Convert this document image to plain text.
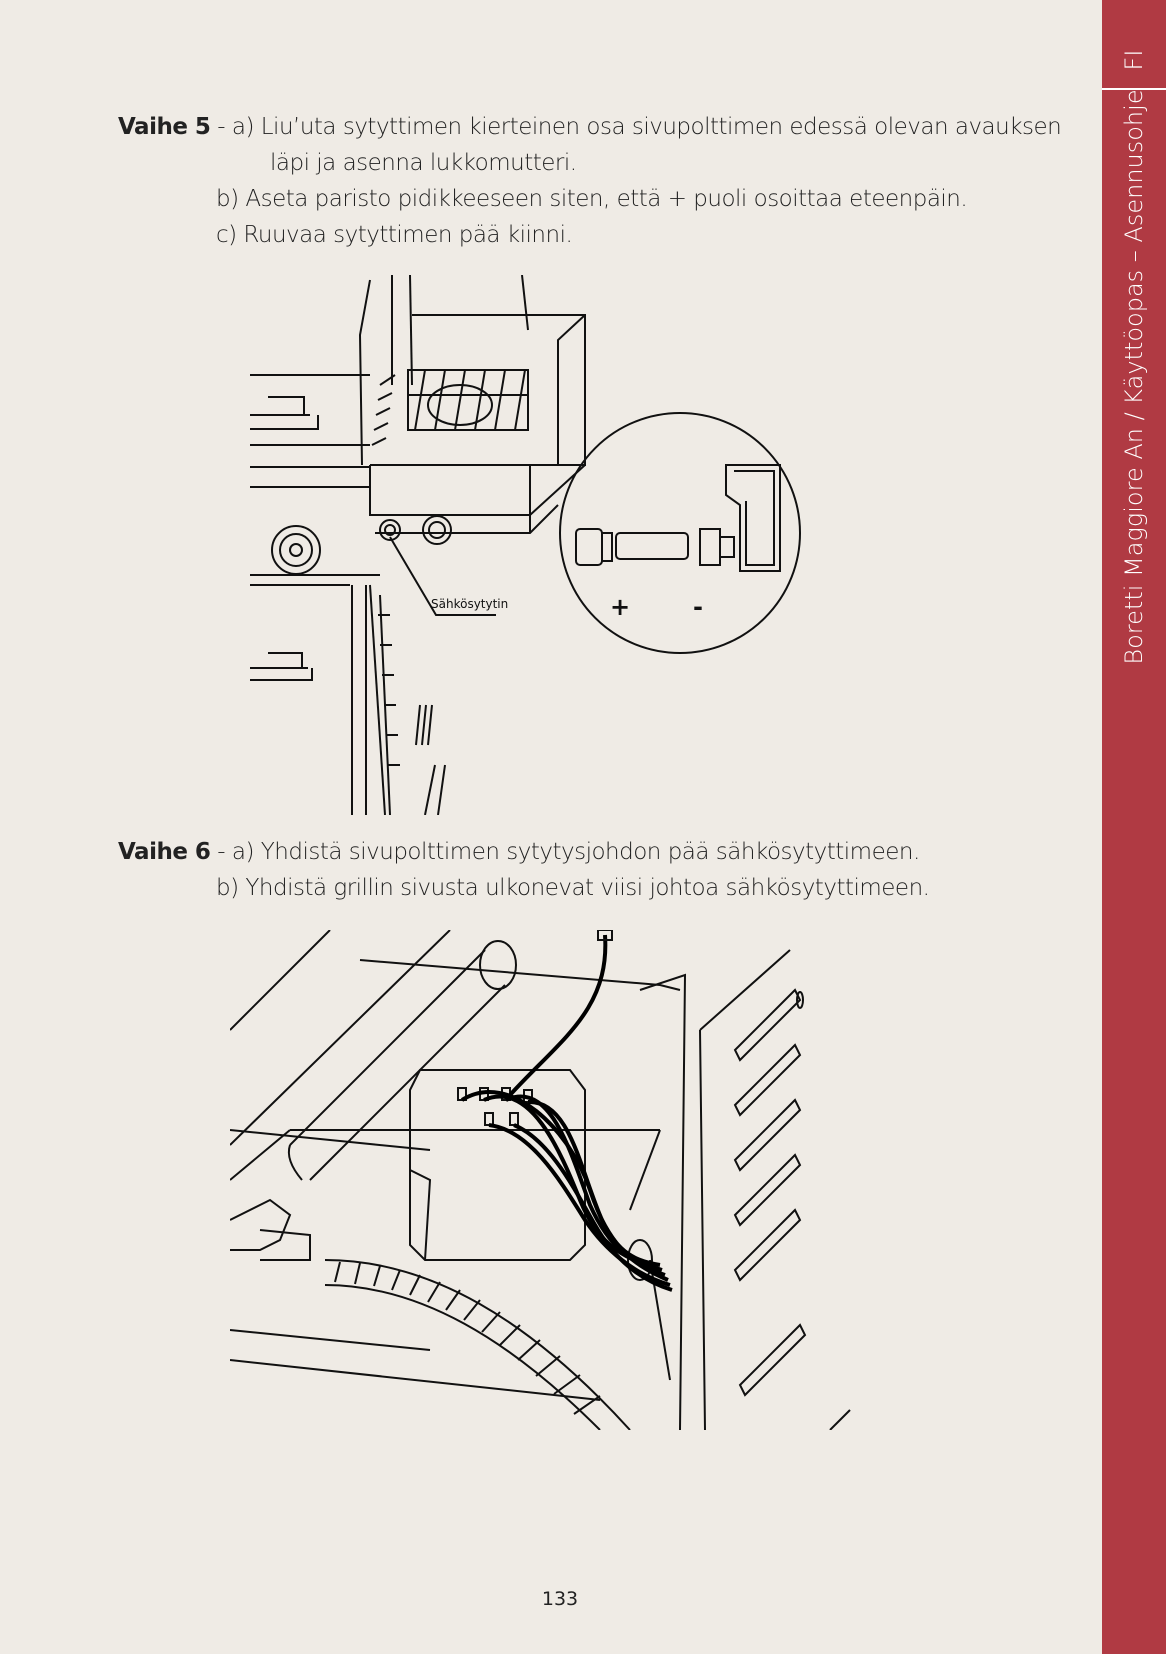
FI
Boretti Maggiore An / Käyttöopas – Asennusohje
Vaihe 5 - a) Liu’uta sytyttimen kierteinen osa sivupolttimen edessä olevan avauksen
läpi ja asenna lukkomutteri.
b) Aseta paristo pidikkeeseen siten, että + puoli osoittaa eteenpäin.
c) Ruuvaa sytyttimen pää kiinni.
Sähkösytytin	+	-
Vaihe 6 - a) Yhdistä sivupolttimen sytytysjohdon pää sähkösytyttimeen.
b) Yhdistä grillin sivusta ulkonevat viisi johtoa sähkösytyttimeen.
133
